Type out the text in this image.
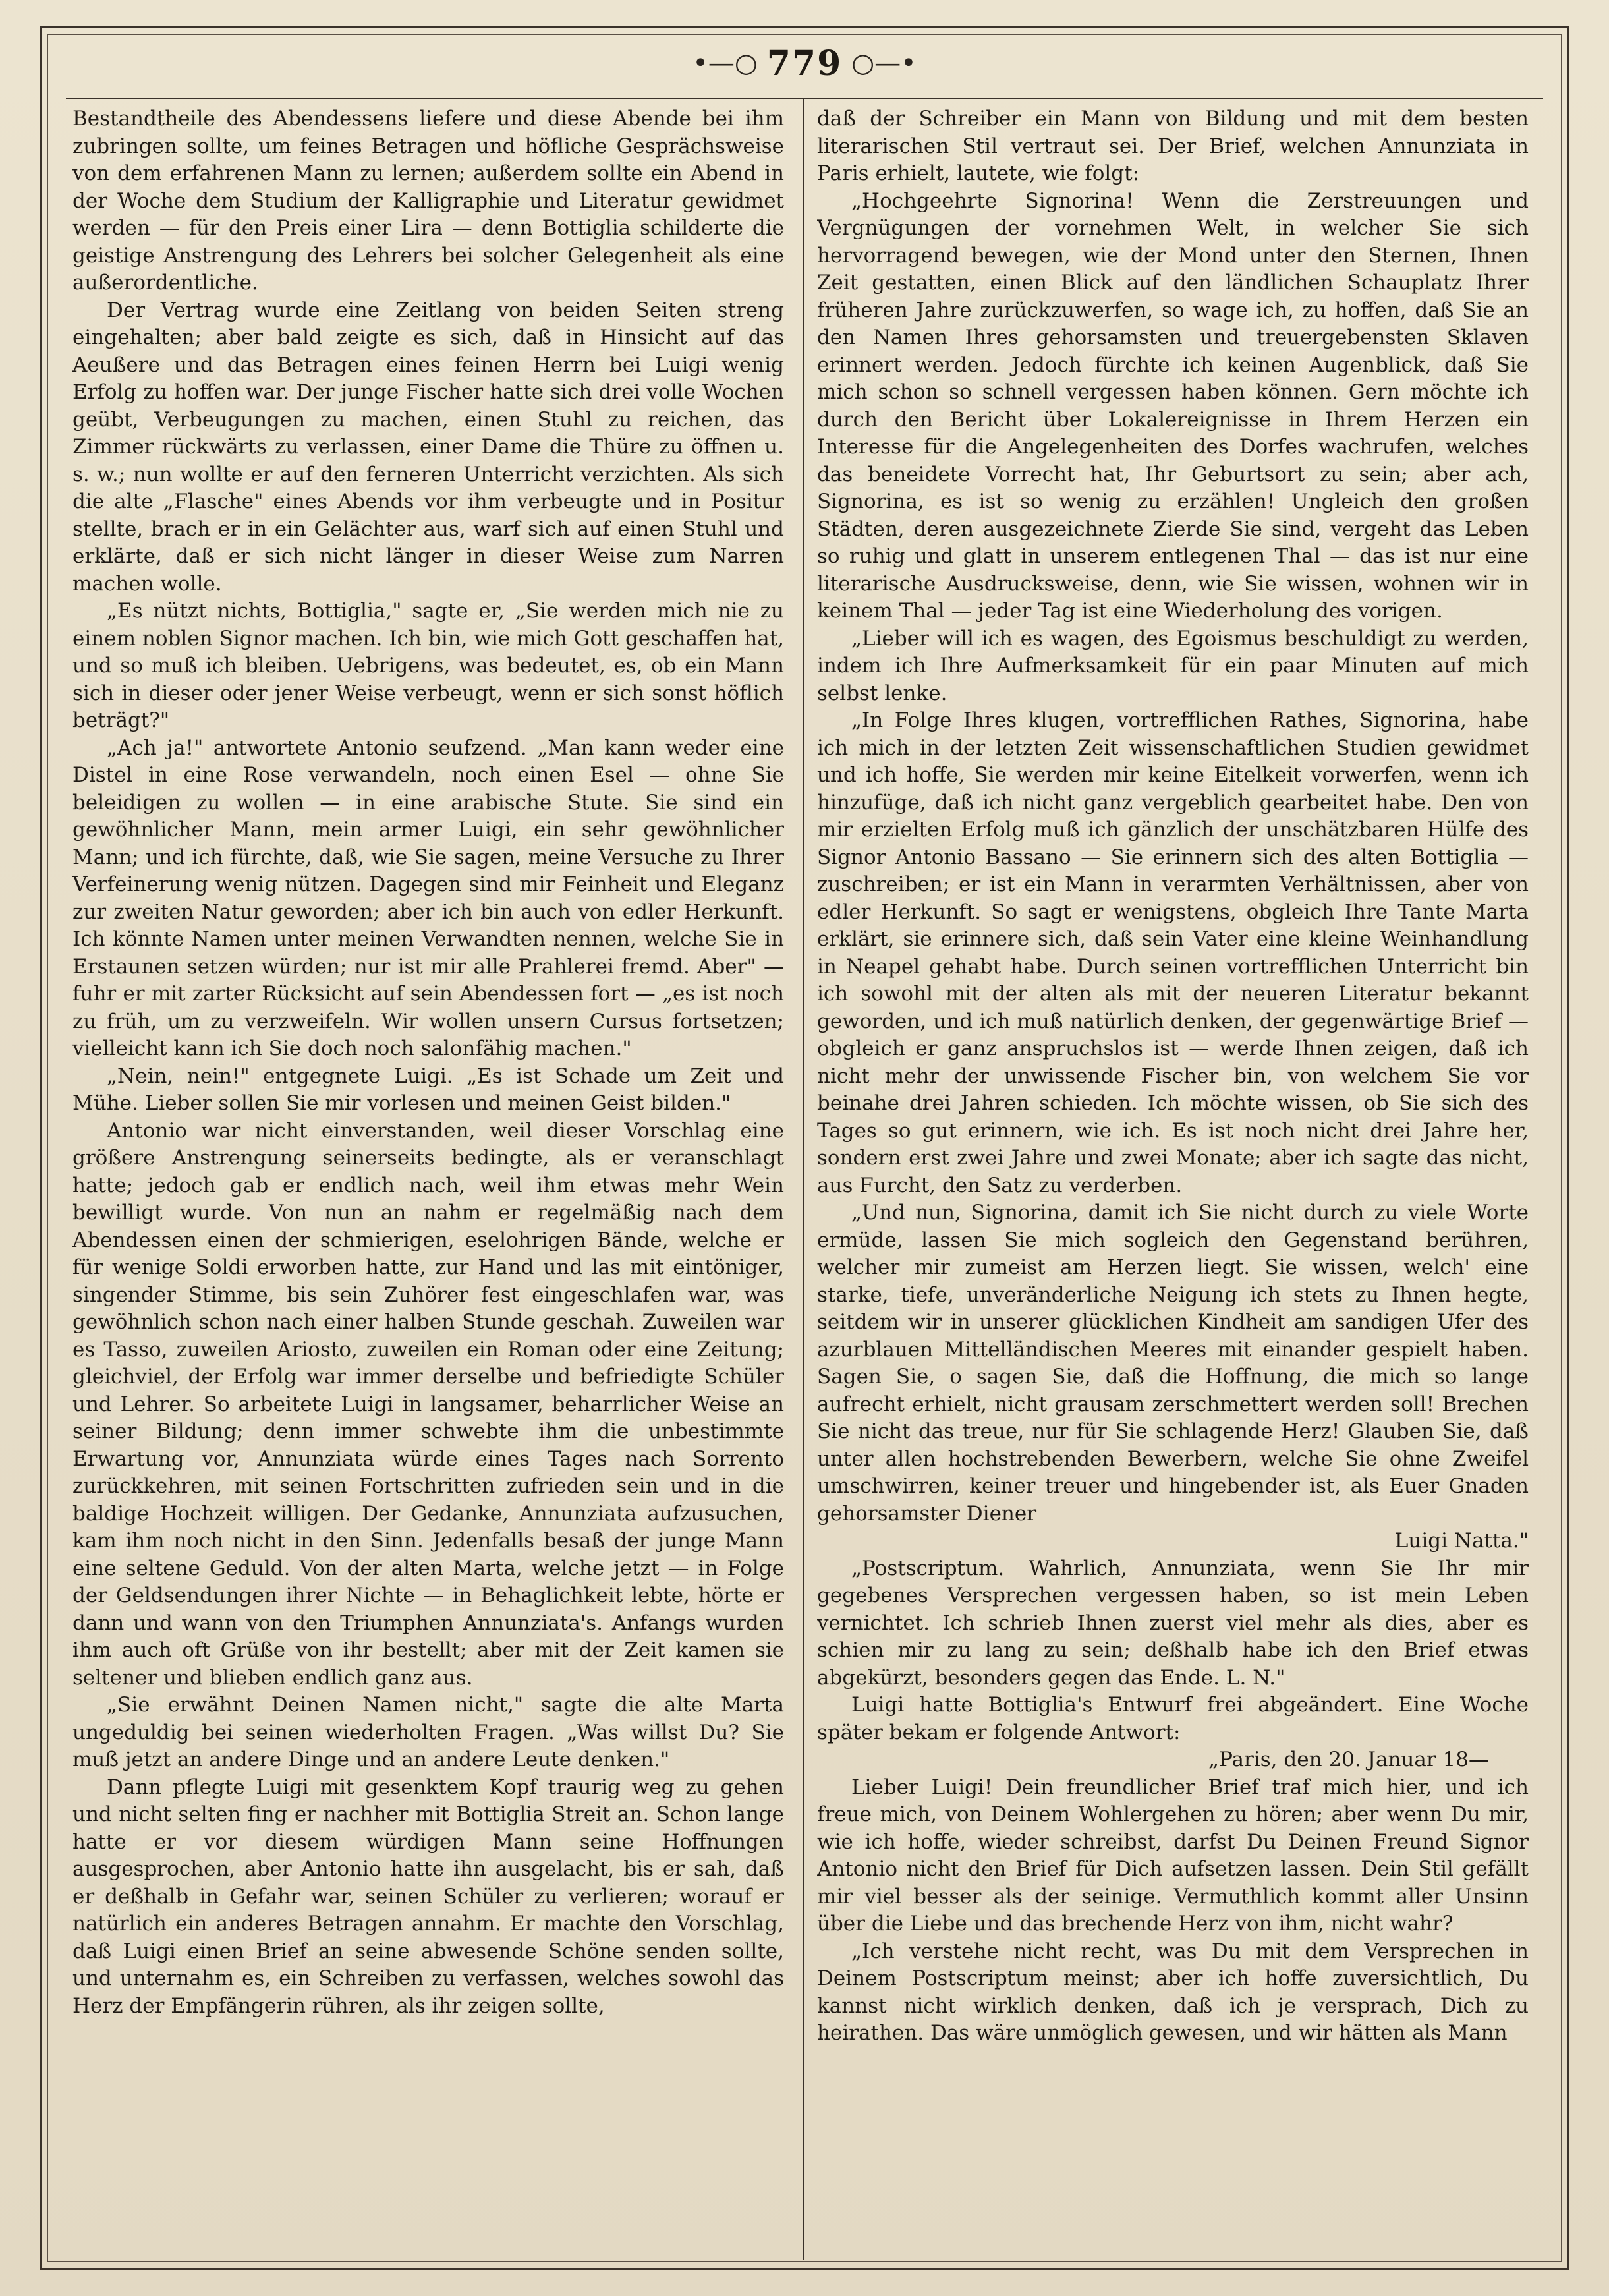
•—○ 779 ○—•

Bestandtheile des Abendessens liefere und diese Abende bei ihm zubringen sollte, um feines Betragen und höfliche Gesprächsweise von dem erfahrenen Mann zu lernen; außerdem sollte ein Abend in der Woche dem Studium der Kalligraphie und Literatur gewidmet werden — für den Preis einer Lira — denn Bottiglia schilderte die geistige Anstrengung des Lehrers bei solcher Gelegenheit als eine außerordentliche.

Der Vertrag wurde eine Zeitlang von beiden Seiten streng eingehalten; aber bald zeigte es sich, daß in Hinsicht auf das Aeußere und das Betragen eines feinen Herrn bei Luigi wenig Erfolg zu hoffen war. Der junge Fischer hatte sich drei volle Wochen geübt, Verbeugungen zu machen, einen Stuhl zu reichen, das Zimmer rückwärts zu verlassen, einer Dame die Thüre zu öffnen u. s. w.; nun wollte er auf den ferneren Unterricht verzichten. Als sich die alte „Flasche" eines Abends vor ihm verbeugte und in Positur stellte, brach er in ein Gelächter aus, warf sich auf einen Stuhl und erklärte, daß er sich nicht länger in dieser Weise zum Narren machen wolle.

„Es nützt nichts, Bottiglia," sagte er, „Sie werden mich nie zu einem noblen Signor machen. Ich bin, wie mich Gott geschaffen hat, und so muß ich bleiben. Uebrigens, was bedeutet, es, ob ein Mann sich in dieser oder jener Weise verbeugt, wenn er sich sonst höflich beträgt?"

„Ach ja!" antwortete Antonio seufzend. „Man kann weder eine Distel in eine Rose verwandeln, noch einen Esel — ohne Sie beleidigen zu wollen — in eine arabische Stute. Sie sind ein gewöhnlicher Mann, mein armer Luigi, ein sehr gewöhnlicher Mann; und ich fürchte, daß, wie Sie sagen, meine Versuche zu Ihrer Verfeinerung wenig nützen. Dagegen sind mir Feinheit und Eleganz zur zweiten Natur geworden; aber ich bin auch von edler Herkunft. Ich könnte Namen unter meinen Verwandten nennen, welche Sie in Erstaunen setzen würden; nur ist mir alle Prahlerei fremd. Aber" — fuhr er mit zarter Rücksicht auf sein Abendessen fort — „es ist noch zu früh, um zu verzweifeln. Wir wollen unsern Cursus fortsetzen; vielleicht kann ich Sie doch noch salonfähig machen."

„Nein, nein!" entgegnete Luigi. „Es ist Schade um Zeit und Mühe. Lieber sollen Sie mir vorlesen und meinen Geist bilden."

Antonio war nicht einverstanden, weil dieser Vorschlag eine größere Anstrengung seinerseits bedingte, als er veranschlagt hatte; jedoch gab er endlich nach, weil ihm etwas mehr Wein bewilligt wurde. Von nun an nahm er regelmäßig nach dem Abendessen einen der schmierigen, eselohrigen Bände, welche er für wenige Soldi erworben hatte, zur Hand und las mit eintöniger, singender Stimme, bis sein Zuhörer fest eingeschlafen war, was gewöhnlich schon nach einer halben Stunde geschah. Zuweilen war es Tasso, zuweilen Ariosto, zuweilen ein Roman oder eine Zeitung; gleichviel, der Erfolg war immer derselbe und befriedigte Schüler und Lehrer. So arbeitete Luigi in langsamer, beharrlicher Weise an seiner Bildung; denn immer schwebte ihm die unbestimmte Erwartung vor, Annunziata würde eines Tages nach Sorrento zurückkehren, mit seinen Fortschritten zufrieden sein und in die baldige Hochzeit willigen. Der Gedanke, Annunziata aufzusuchen, kam ihm noch nicht in den Sinn. Jedenfalls besaß der junge Mann eine seltene Geduld. Von der alten Marta, welche jetzt — in Folge der Geldsendungen ihrer Nichte — in Behaglichkeit lebte, hörte er dann und wann von den Triumphen Annunziata's. Anfangs wurden ihm auch oft Grüße von ihr bestellt; aber mit der Zeit kamen sie seltener und blieben endlich ganz aus.

„Sie erwähnt Deinen Namen nicht," sagte die alte Marta ungeduldig bei seinen wiederholten Fragen. „Was willst Du? Sie muß jetzt an andere Dinge und an andere Leute denken."

Dann pflegte Luigi mit gesenktem Kopf traurig weg zu gehen und nicht selten fing er nachher mit Bottiglia Streit an. Schon lange hatte er vor diesem würdigen Mann seine Hoffnungen ausgesprochen, aber Antonio hatte ihn ausgelacht, bis er sah, daß er deßhalb in Gefahr war, seinen Schüler zu verlieren; worauf er natürlich ein anderes Betragen annahm. Er machte den Vorschlag, daß Luigi einen Brief an seine abwesende Schöne senden sollte, und unternahm es, ein Schreiben zu verfassen, welches sowohl das Herz der Empfängerin rühren, als ihr zeigen sollte,

daß der Schreiber ein Mann von Bildung und mit dem besten literarischen Stil vertraut sei. Der Brief, welchen Annunziata in Paris erhielt, lautete, wie folgt:

„Hochgeehrte Signorina! Wenn die Zerstreuungen und Vergnügungen der vornehmen Welt, in welcher Sie sich hervorragend bewegen, wie der Mond unter den Sternen, Ihnen Zeit gestatten, einen Blick auf den ländlichen Schauplatz Ihrer früheren Jahre zurückzuwerfen, so wage ich, zu hoffen, daß Sie an den Namen Ihres gehorsamsten und treuergebensten Sklaven erinnert werden. Jedoch fürchte ich keinen Augenblick, daß Sie mich schon so schnell vergessen haben können. Gern möchte ich durch den Bericht über Lokalereignisse in Ihrem Herzen ein Interesse für die Angelegenheiten des Dorfes wachrufen, welches das beneidete Vorrecht hat, Ihr Geburtsort zu sein; aber ach, Signorina, es ist so wenig zu erzählen! Ungleich den großen Städten, deren ausgezeichnete Zierde Sie sind, vergeht das Leben so ruhig und glatt in unserem entlegenen Thal — das ist nur eine literarische Ausdrucksweise, denn, wie Sie wissen, wohnen wir in keinem Thal — jeder Tag ist eine Wiederholung des vorigen.

„Lieber will ich es wagen, des Egoismus beschuldigt zu werden, indem ich Ihre Aufmerksamkeit für ein paar Minuten auf mich selbst lenke.

„In Folge Ihres klugen, vortrefflichen Rathes, Signorina, habe ich mich in der letzten Zeit wissenschaftlichen Studien gewidmet und ich hoffe, Sie werden mir keine Eitelkeit vorwerfen, wenn ich hinzufüge, daß ich nicht ganz vergeblich gearbeitet habe. Den von mir erzielten Erfolg muß ich gänzlich der unschätzbaren Hülfe des Signor Antonio Bassano — Sie erinnern sich des alten Bottiglia — zuschreiben; er ist ein Mann in verarmten Verhältnissen, aber von edler Herkunft. So sagt er wenigstens, obgleich Ihre Tante Marta erklärt, sie erinnere sich, daß sein Vater eine kleine Weinhandlung in Neapel gehabt habe. Durch seinen vortrefflichen Unterricht bin ich sowohl mit der alten als mit der neueren Literatur bekannt geworden, und ich muß natürlich denken, der gegenwärtige Brief — obgleich er ganz anspruchslos ist — werde Ihnen zeigen, daß ich nicht mehr der unwissende Fischer bin, von welchem Sie vor beinahe drei Jahren schieden. Ich möchte wissen, ob Sie sich des Tages so gut erinnern, wie ich. Es ist noch nicht drei Jahre her, sondern erst zwei Jahre und zwei Monate; aber ich sagte das nicht, aus Furcht, den Satz zu verderben.

„Und nun, Signorina, damit ich Sie nicht durch zu viele Worte ermüde, lassen Sie mich sogleich den Gegenstand berühren, welcher mir zumeist am Herzen liegt. Sie wissen, welch' eine starke, tiefe, unveränderliche Neigung ich stets zu Ihnen hegte, seitdem wir in unserer glücklichen Kindheit am sandigen Ufer des azurblauen Mittelländischen Meeres mit einander gespielt haben. Sagen Sie, o sagen Sie, daß die Hoffnung, die mich so lange aufrecht erhielt, nicht grausam zerschmettert werden soll! Brechen Sie nicht das treue, nur für Sie schlagende Herz! Glauben Sie, daß unter allen hochstrebenden Bewerbern, welche Sie ohne Zweifel umschwirren, keiner treuer und hingebender ist, als Euer Gnaden gehorsamster Diener

Luigi Natta."

„Postscriptum. Wahrlich, Annunziata, wenn Sie Ihr mir gegebenes Versprechen vergessen haben, so ist mein Leben vernichtet. Ich schrieb Ihnen zuerst viel mehr als dies, aber es schien mir zu lang zu sein; deßhalb habe ich den Brief etwas abgekürzt, besonders gegen das Ende. L. N."

Luigi hatte Bottiglia's Entwurf frei abgeändert. Eine Woche später bekam er folgende Antwort:

„Paris, den 20. Januar 18—

Lieber Luigi! Dein freundlicher Brief traf mich hier, und ich freue mich, von Deinem Wohlergehen zu hören; aber wenn Du mir, wie ich hoffe, wieder schreibst, darfst Du Deinen Freund Signor Antonio nicht den Brief für Dich aufsetzen lassen. Dein Stil gefällt mir viel besser als der seinige. Vermuthlich kommt aller Unsinn über die Liebe und das brechende Herz von ihm, nicht wahr?

„Ich verstehe nicht recht, was Du mit dem Versprechen in Deinem Postscriptum meinst; aber ich hoffe zuversichtlich, Du kannst nicht wirklich denken, daß ich je versprach, Dich zu heirathen. Das wäre unmöglich gewesen, und wir hätten als Mann
